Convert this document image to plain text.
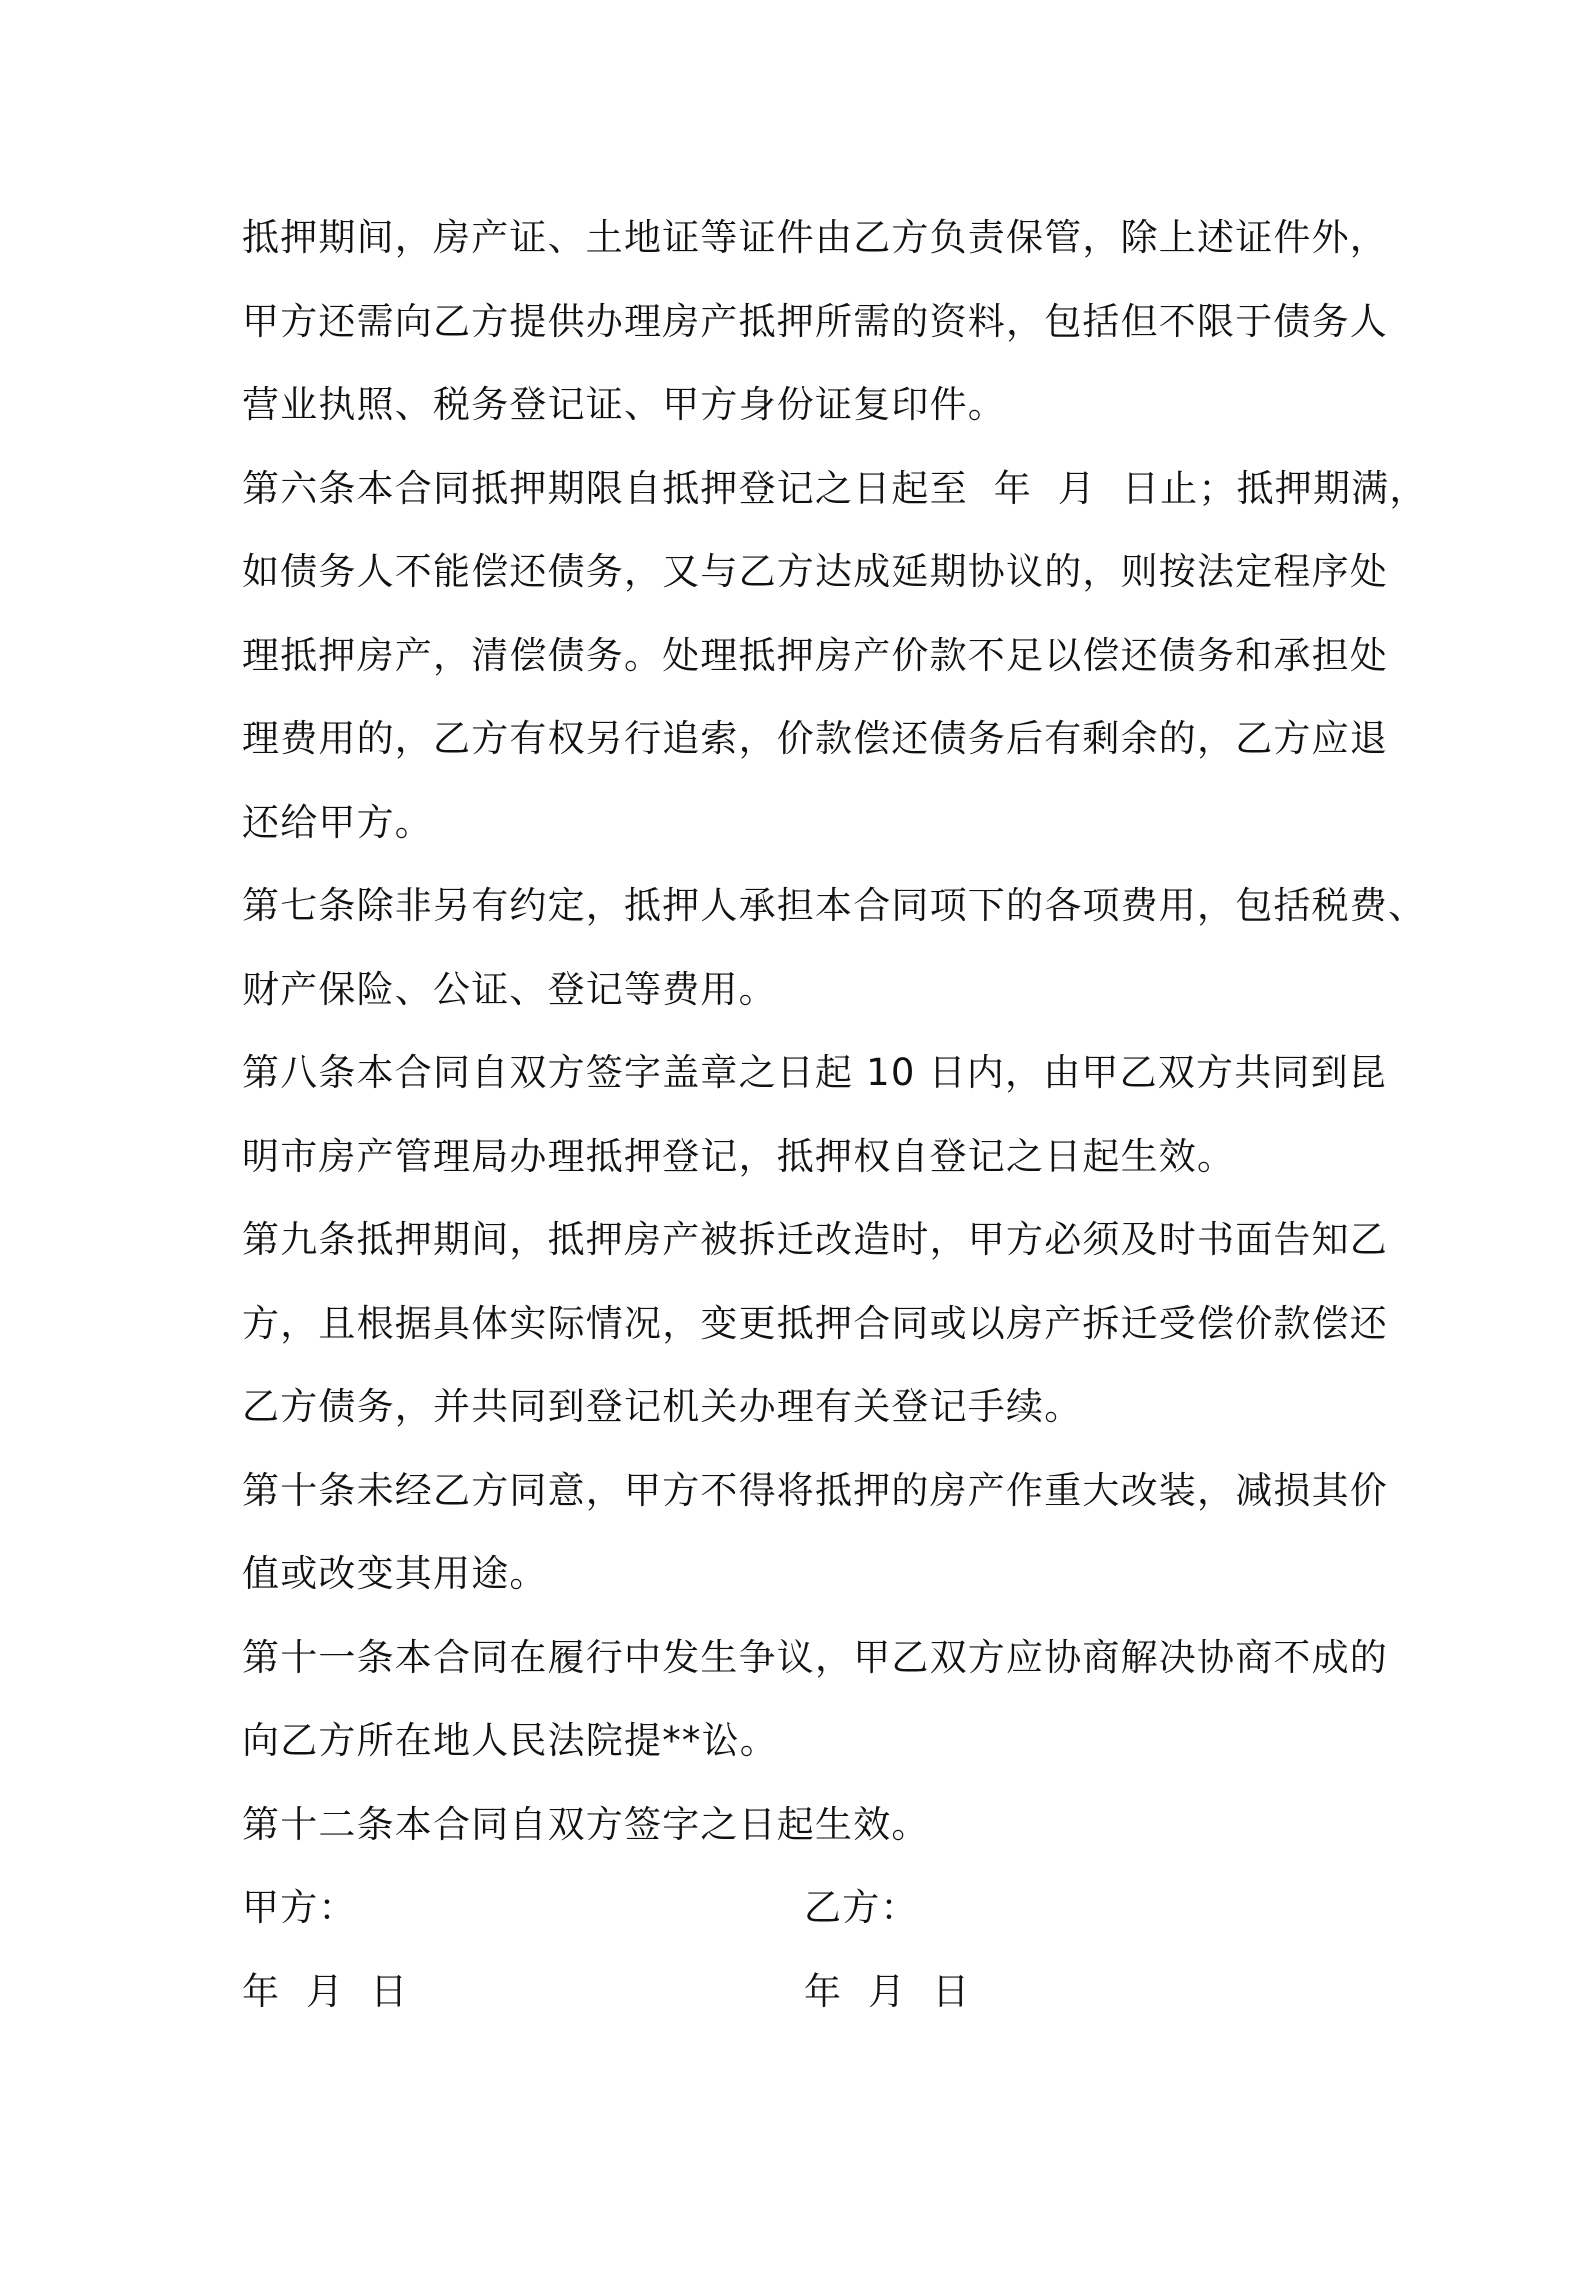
抵押期间，房产证、土地证等证件由乙方负责保管，除上述证件外，
甲方还需向乙方提供办理房产抵押所需的资料，包括但不限于债务人
营业执照、税务登记证、甲方身份证复印件。
第六条本合同抵押期限自抵押登记之日起至  年  月  日止；抵押期满，
如债务人不能偿还债务，又与乙方达成延期协议的，则按法定程序处
理抵押房产，清偿债务。处理抵押房产价款不足以偿还债务和承担处
理费用的，乙方有权另行追索，价款偿还债务后有剩余的，乙方应退
还给甲方。
第七条除非另有约定，抵押人承担本合同项下的各项费用，包括税费、
财产保险、公证、登记等费用。
第八条本合同自双方签字盖章之日起 10 日内，由甲乙双方共同到昆
明市房产管理局办理抵押登记，抵押权自登记之日起生效。
第九条抵押期间，抵押房产被拆迁改造时，甲方必须及时书面告知乙
方，且根据具体实际情况，变更抵押合同或以房产拆迁受偿价款偿还
乙方债务，并共同到登记机关办理有关登记手续。
第十条未经乙方同意，甲方不得将抵押的房产作重大改装，减损其价
值或改变其用途。
第十一条本合同在履行中发生争议，甲乙双方应协商解决协商不成的
向乙方所在地人民法院提**讼。
第十二条本合同自双方签字之日起生效。

甲方：

	乙方：

年  月  日

	年  月  日
